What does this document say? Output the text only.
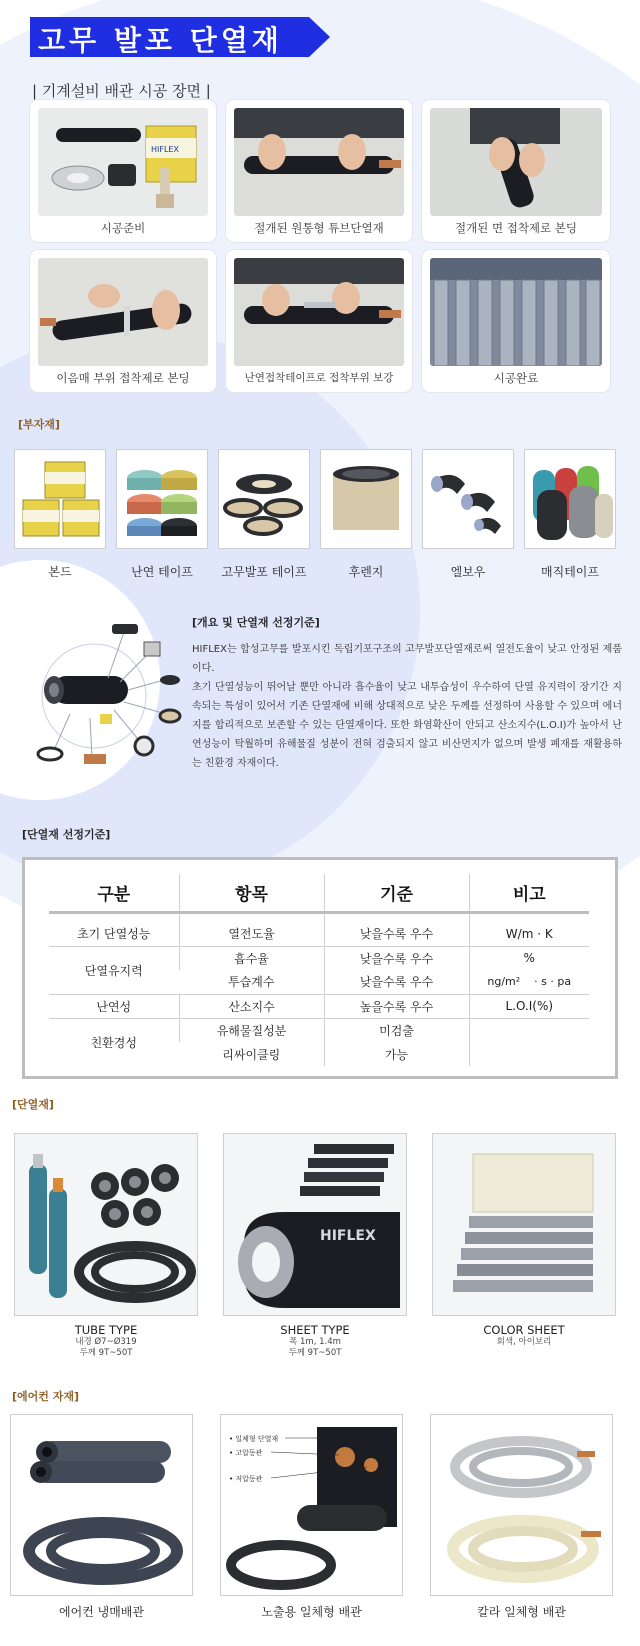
고무 발포 단열재
| 기계설비 배관 시공 장면 |
HIFLEX
시공준비	절개된 원통형 튜브단열재	절개된 면 접착제로 본딩
이음매 부위 접착제로 본딩	난연접착테이프로 접착부위 보강	시공완료
[부자재]
본드	난연 테이프	고무발포 테이프	후렌지	엘보우	매직테이프
[개요 및 단열재 선정기준]

HIFLEX는 합성고무를 발포시킨 독립기포구조의 고무발포단열재로써 열전도율이 낮고 안정된 제품이다.

초기 단열성능이 뛰어날 뿐만 아니라 흡수율이 낮고 내투습성이 우수하여 단열 유지력이 장기간 지속되는 특성이 있어서 기존 단열재에 비해 상대적으로 낮은 두께를 선정하여 사용할 수 있으며 에너지를 합리적으로 보존할 수 있는 단열재이다. 또한 화염확산이 안되고 산소지수(L.O.I)가 높아서 난연성능이 탁월하며 유해물질 성분이 전혀 검출되지 않고 비산먼지가 없으며 발생 폐재를 재활용하는 친환경 자재이다.

[단열재 선정기준]
구분	항목	기준	비고

초기 단열성능	열전도율	낮을수록 우수	W/m · K
단열유지력	흡수율	낮을수록 우수	%
	투습계수	낮을수록 우수	ng/m²    · s · pa
난연성	산소지수	높을수록 우수	L.O.I(%)
친환경성	유해물질성분	미검출	
	리싸이클링	가능	
[단열재]
HIFLEX
TUBE TYPE
내경 Ø7~Ø319
두께 9T~50T
SHEET TYPE
폭 1m, 1.4m
두께 9T~50T
COLOR SHEET
회색, 아이보리
[에어컨 자재]
• 일체형 단열재
• 고압동관
• 저압동관
에어컨 냉매배관	노출용 일체형 배관	칼라 일체형 배관
